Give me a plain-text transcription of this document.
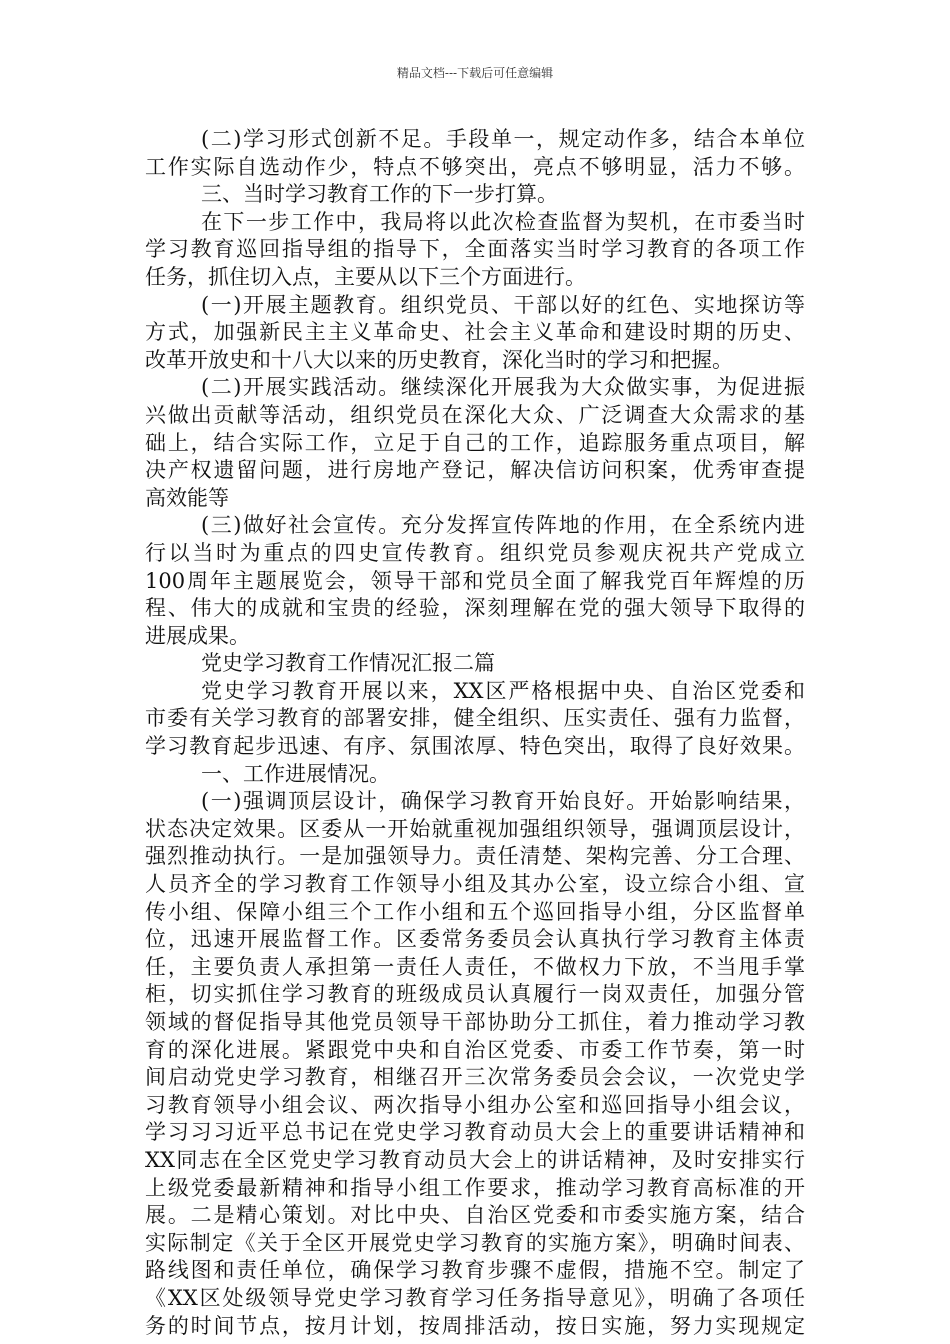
精品文档---下载后可任意编辑
(二)学习形式创新不足。手段单一，规定动作多，结合本单位
工作实际自选动作少，特点不够突出，亮点不够明显，活力不够。
三、当时学习教育工作的下一步打算。
在下一步工作中，我局将以此次检查监督为契机，在市委当时
学习教育巡回指导组的指导下，全面落实当时学习教育的各项工作
任务，抓住切入点，主要从以下三个方面进行。
(一)开展主题教育。组织党员、干部以好的红色、实地探访等
方式，加强新民主主义革命史、社会主义革命和建设时期的历史、
改革开放史和十八大以来的历史教育，深化当时的学习和把握。
(二)开展实践活动。继续深化开展我为大众做实事，为促进振
兴做出贡献等活动，组织党员在深化大众、广泛调查大众需求的基
础上，结合实际工作，立足于自己的工作，追踪服务重点项目，解
决产权遗留问题，进行房地产登记，解决信访问积案，优秀审查提
高效能等
(三)做好社会宣传。充分发挥宣传阵地的作用，在全系统内进
行以当时为重点的四史宣传教育。组织党员参观庆祝共产党成立
100周年主题展览会，领导干部和党员全面了解我党百年辉煌的历
程、伟大的成就和宝贵的经验，深刻理解在党的强大领导下取得的
进展成果。
党史学习教育工作情况汇报二篇
党史学习教育开展以来，XX区严格根据中央、自治区党委和
市委有关学习教育的部署安排，健全组织、压实责任、强有力监督，
学习教育起步迅速、有序、氛围浓厚、特色突出，取得了良好效果。
一、工作进展情况。
(一)强调顶层设计，确保学习教育开始良好。开始影响结果，
状态决定效果。区委从一开始就重视加强组织领导，强调顶层设计，
强烈推动执行。一是加强领导力。责任清楚、架构完善、分工合理、
人员齐全的学习教育工作领导小组及其办公室，设立综合小组、宣
传小组、保障小组三个工作小组和五个巡回指导小组，分区监督单
位，迅速开展监督工作。区委常务委员会认真执行学习教育主体责
任，主要负责人承担第一责任人责任，不做权力下放，不当甩手掌
柜，切实抓住学习教育的班级成员认真履行一岗双责任，加强分管
领域的督促指导其他党员领导干部协助分工抓住，着力推动学习教
育的深化进展。紧跟党中央和自治区党委、市委工作节奏，第一时
间启动党史学习教育，相继召开三次常务委员会会议，一次党史学
习教育领导小组会议、两次指导小组办公室和巡回指导小组会议，
学习习习近平总书记在党史学习教育动员大会上的重要讲话精神和
XX同志在全区党史学习教育动员大会上的讲话精神，及时安排实行
上级党委最新精神和指导小组工作要求，推动学习教育高标准的开
展。二是精心策划。对比中央、自治区党委和市委实施方案，结合
实际制定《关于全区开展党史学习教育的实施方案》，明确时间表、
路线图和责任单位，确保学习教育步骤不虚假，措施不空。制定了
《XX区处级领导党史学习教育学习任务指导意见》，明确了各项任
务的时间节点，按月计划，按周排活动，按日实施，努力实现规定
